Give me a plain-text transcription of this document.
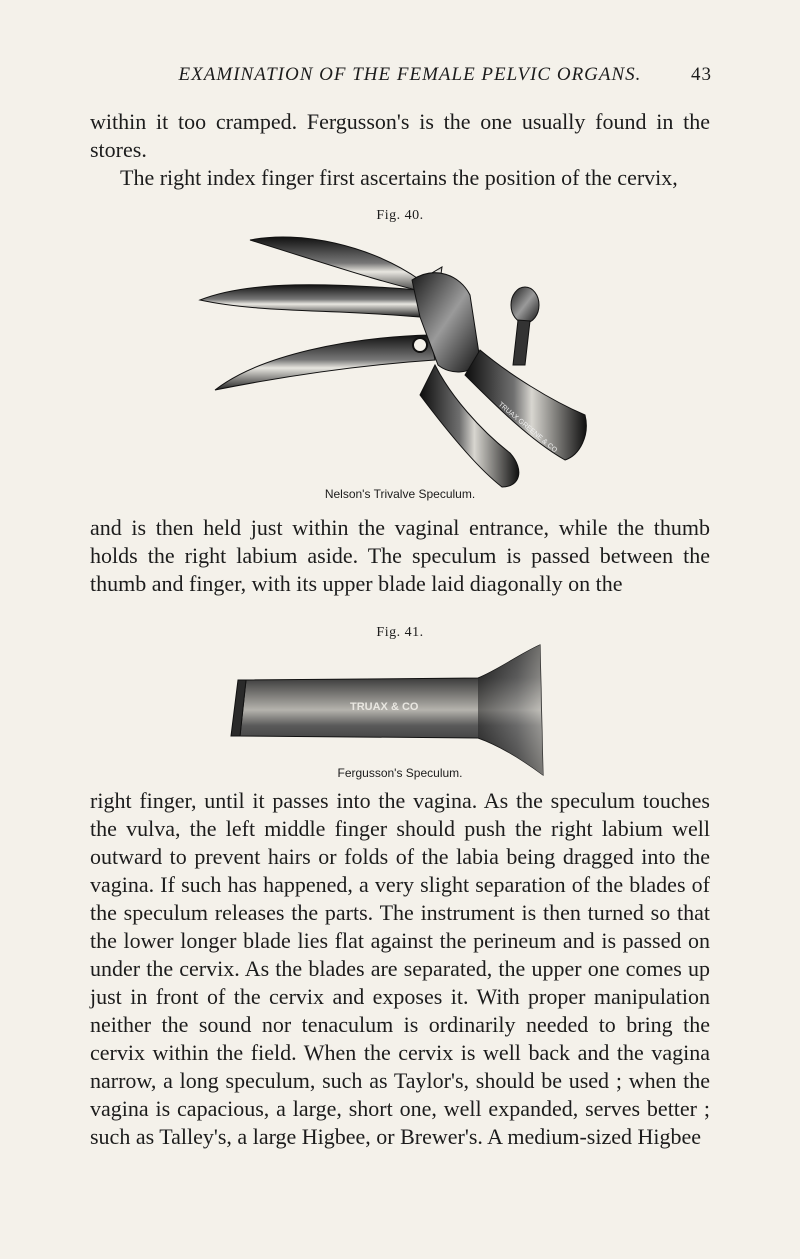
EXAMINATION OF THE FEMALE PELVIC ORGANS.	43

within it too cramped. Fergusson's is the one usually found in the stores.

The right index finger first ascertains the position of the cervix,

Fig. 40.
TRUAX GREENE & CO
Nelson's Trivalve Speculum.

and is then held just within the vaginal entrance, while the thumb holds the right labium aside. The speculum is passed between the thumb and finger, with its upper blade laid diagonally on the

Fig. 41.
TRUAX & CO
Fergusson's Speculum.

right finger, until it passes into the vagina. As the speculum touches the vulva, the left middle finger should push the right labium well outward to prevent hairs or folds of the labia being dragged into the vagina. If such has happened, a very slight separation of the blades of the speculum releases the parts. The instrument is then turned so that the lower longer blade lies flat against the perineum and is passed on under the cervix. As the blades are separated, the upper one comes up just in front of the cervix and exposes it. With proper manipulation neither the sound nor tenaculum is ordinarily needed to bring the cervix within the field. When the cervix is well back and the vagina narrow, a long speculum, such as Taylor's, should be used ; when the vagina is capacious, a large, short one, well expanded, serves better ; such as Talley's, a large Higbee, or Brewer's. A medium-sized Higbee
